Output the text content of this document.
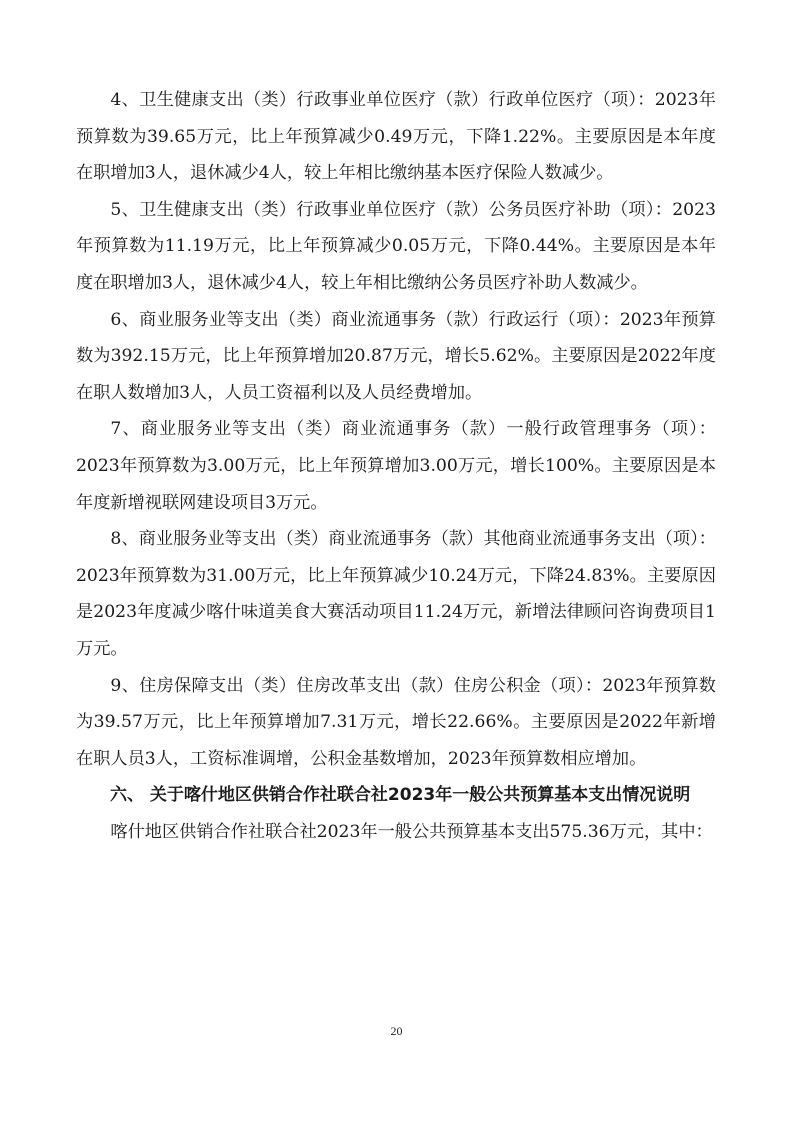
4、卫生健康支出（类）行政事业单位医疗（款）行政单位医疗（项）：2023年预算数为39.65万元，比上年预算减少0.49万元，下降1.22%。主要原因是本年度在职增加3人，退休减少4人，较上年相比缴纳基本医疗保险人数减少。

5、卫生健康支出（类）行政事业单位医疗（款）公务员医疗补助（项）：2023年预算数为11.19万元，比上年预算减少0.05万元，下降0.44%。主要原因是本年度在职增加3人，退休减少4人，较上年相比缴纳公务员医疗补助人数减少。

6、商业服务业等支出（类）商业流通事务（款）行政运行（项）：2023年预算数为392.15万元，比上年预算增加20.87万元，增长5.62%。主要原因是2022年度在职人数增加3人，人员工资福利以及人员经费增加。

7、商业服务业等支出（类）商业流通事务（款）一般行政管理事务（项）：2023年预算数为3.00万元，比上年预算增加3.00万元，增长100%。主要原因是本年度新增视联网建设项目3万元。

8、商业服务业等支出（类）商业流通事务（款）其他商业流通事务支出（项）：2023年预算数为31.00万元，比上年预算减少10.24万元，下降24.83%。主要原因是2023年度减少喀什味道美食大赛活动项目11.24万元，新增法律顾问咨询费项目1万元。

9、住房保障支出（类）住房改革支出（款）住房公积金（项）：2023年预算数为39.57万元，比上年预算增加7.31万元，增长22.66%。主要原因是2022年新增在职人员3人，工资标准调增，公积金基数增加，2023年预算数相应增加。

六、 关于喀什地区供销合作社联合社2023年一般公共预算基本支出情况说明

喀什地区供销合作社联合社2023年一般公共预算基本支出575.36万元，其中：

20
